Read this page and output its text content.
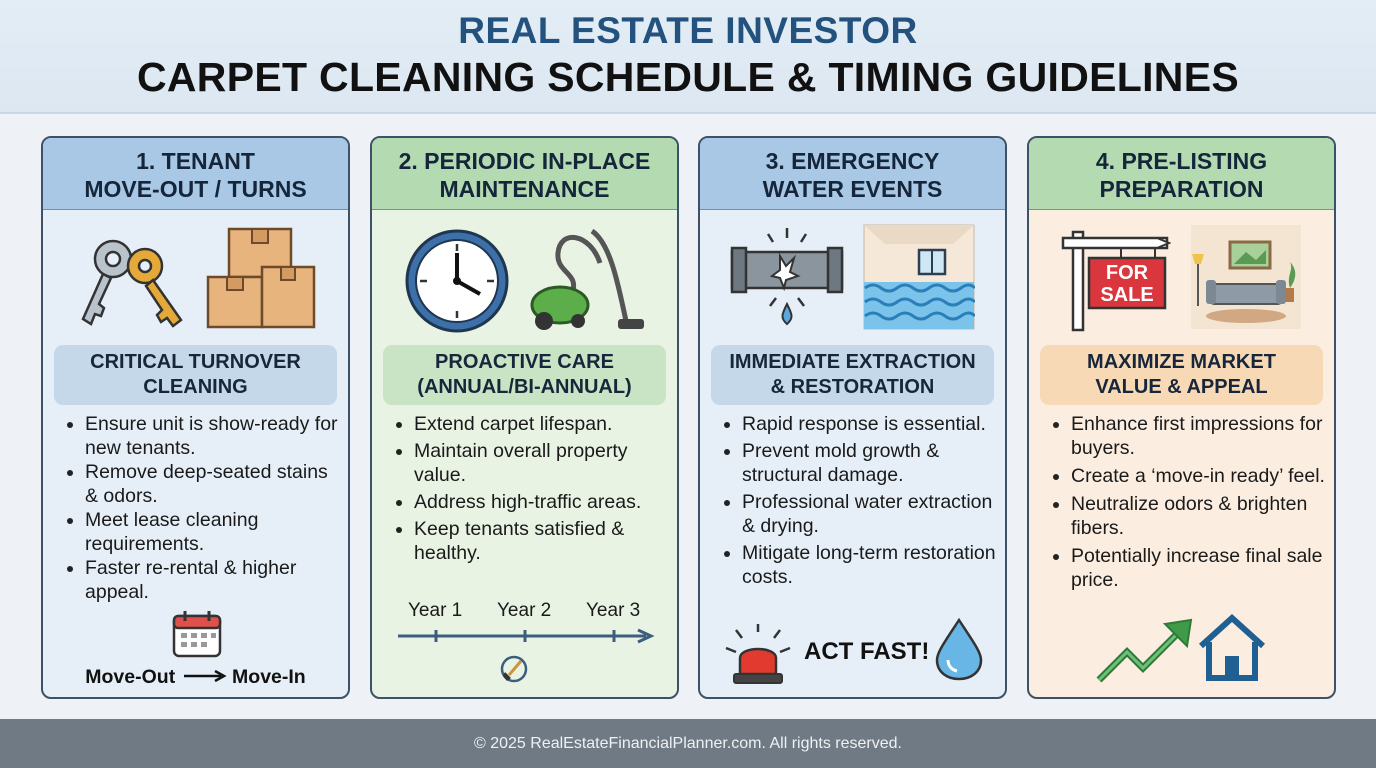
REAL ESTATE INVESTOR
CARPET CLEANING SCHEDULE & TIMING GUIDELINES
1. TENANT
MOVE-OUT / TURNS
CRITICAL TURNOVER
CLEANING
Ensure unit is show-ready for new tenants.
Remove deep-seated stains & odors.
Meet lease cleaning requirements.
Faster re-rental & higher appeal.
Move-Out	Move-In
2. PERIODIC IN-PLACE
MAINTENANCE
PROACTIVE CARE
(ANNUAL/BI-ANNUAL)
Extend carpet lifespan.
Maintain overall property value.
Address high-traffic areas.
Keep tenants satisfied & healthy.
Year 1 Year 2 Year 3
3. EMERGENCY
WATER EVENTS
IMMEDIATE EXTRACTION
& RESTORATION
Rapid response is essential.
Prevent mold growth & structural damage.
Professional water extraction & drying.
Mitigate long-term restoration costs.
ACT FAST!
4. PRE-LISTING
PREPARATION
FOR
SALE
MAXIMIZE MARKET
VALUE & APPEAL
Enhance first impressions for buyers.
Create a ‘move-in ready’ feel.
Neutralize odors & brighten fibers.
Potentially increase final sale price.
© 2025 RealEstateFinancialPlanner.com. All rights reserved.
